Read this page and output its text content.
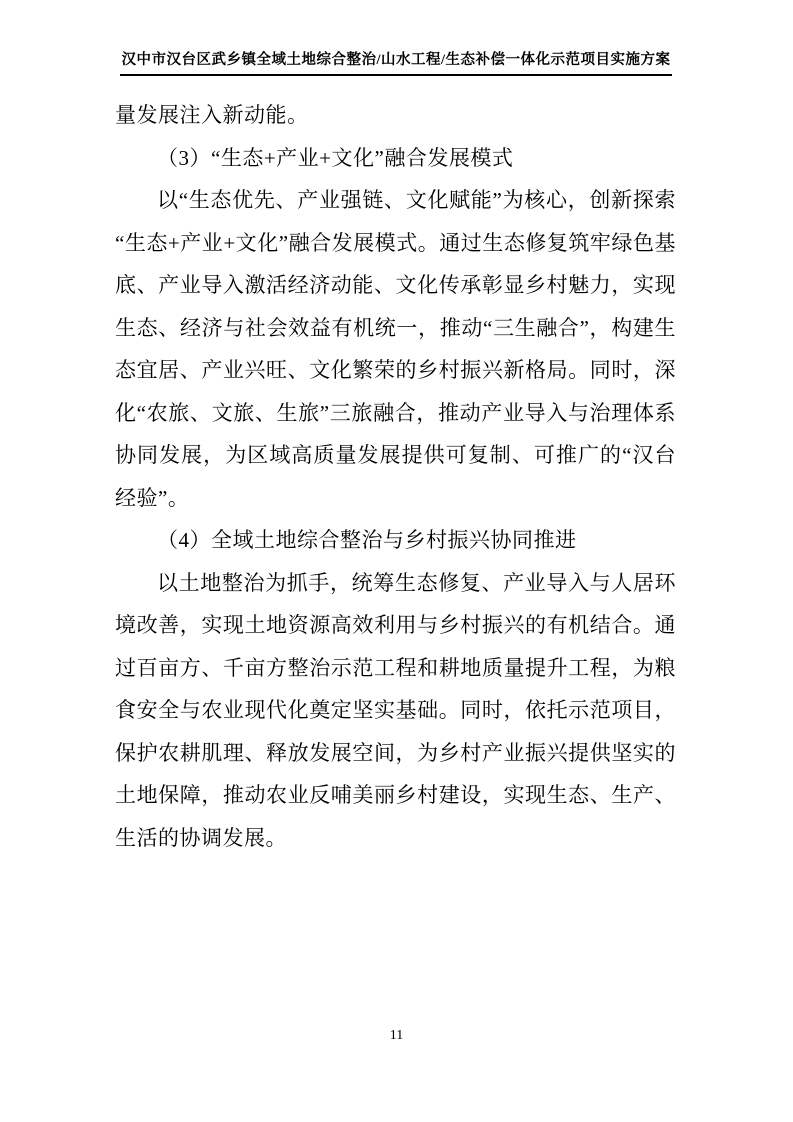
汉中市汉台区武乡镇全域土地综合整治/山水工程/生态补偿一体化示范项目实施方案

量发展注入新动能。

（3）“生态+产业+文化”融合发展模式

以“生态优先、产业强链、文化赋能”为核心，创新探索“生态+产业+文化”融合发展模式。通过生态修复筑牢绿色基底、产业导入激活经济动能、文化传承彰显乡村魅力，实现生态、经济与社会效益有机统一，推动“三生融合”，构建生态宜居、产业兴旺、文化繁荣的乡村振兴新格局。同时，深化“农旅、文旅、生旅”三旅融合，推动产业导入与治理体系协同发展，为区域高质量发展提供可复制、可推广的“汉台经验”。

（4）全域土地综合整治与乡村振兴协同推进

以土地整治为抓手，统筹生态修复、产业导入与人居环境改善，实现土地资源高效利用与乡村振兴的有机结合。通过百亩方、千亩方整治示范工程和耕地质量提升工程，为粮食安全与农业现代化奠定坚实基础。同时，依托示范项目，保护农耕肌理、释放发展空间，为乡村产业振兴提供坚实的土地保障，推动农业反哺美丽乡村建设，实现生态、生产、生活的协调发展。

11
